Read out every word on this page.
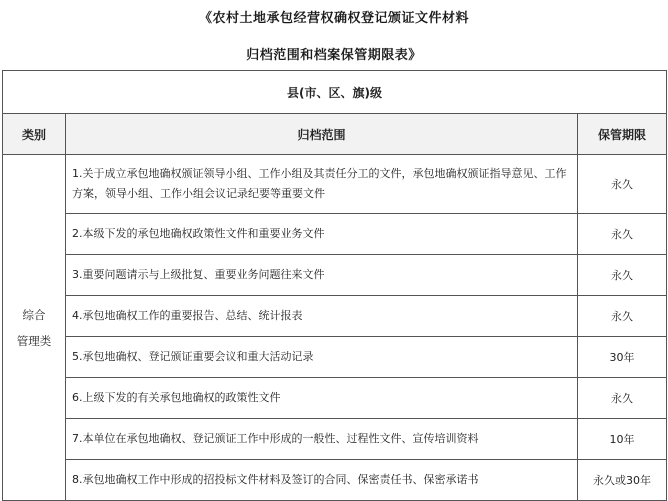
《农村土地承包经营权确权登记颁证文件材料
归档范围和档案保管期限表》
县(市、区、旗)级		
类别	归档范围	保管期限

综合
管理类	1.关于成立承包地确权颁证领导小组、工作小组及其责任分工的文件，承包地确权颁证指导意见、工作方案，领导小组、工作小组会议记录纪要等重要文件	永久
	2.本级下发的承包地确权政策性文件和重要业务文件	永久
	3.重要问题请示与上级批复、重要业务问题往来文件	永久
	4.承包地确权工作的重要报告、总结、统计报表	永久
	5.承包地确权、登记颁证重要会议和重大活动记录	30年
	6.上级下发的有关承包地确权的政策性文件	永久
	7.本单位在承包地确权、登记颁证工作中形成的一般性、过程性文件、宣传培训资料	10年
	8.承包地确权工作中形成的招投标文件材料及签订的合同、保密责任书、保密承诺书	永久或30年
